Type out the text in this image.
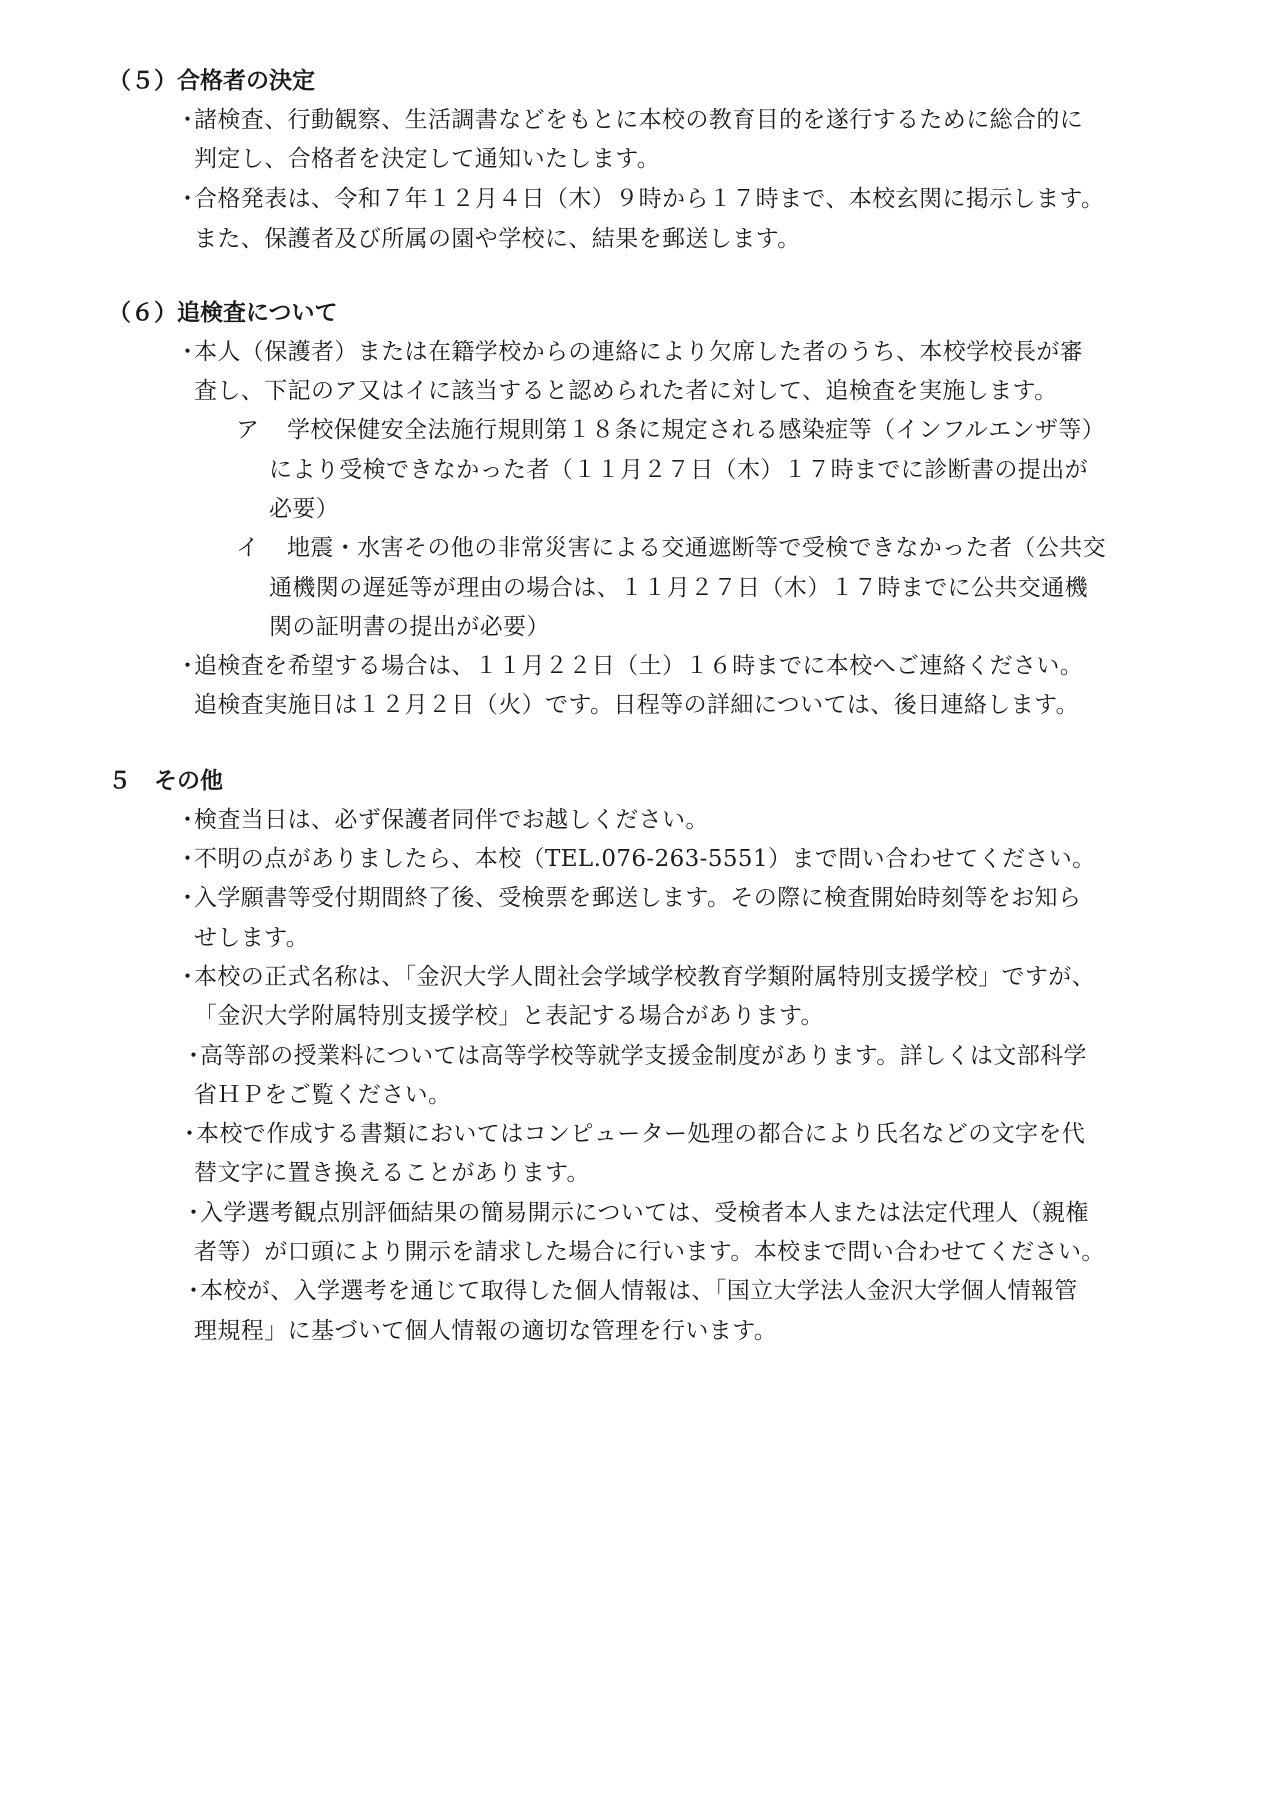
（５）合格者の決定
・諸検査、行動観察、生活調書などをもとに本校の教育目的を遂行するために総合的に
判定し、合格者を決定して通知いたします。
・合格発表は、令和７年１２月４日（木）９時から１７時まで、本校玄関に掲示します。
また、保護者及び所属の園や学校に、結果を郵送します。
（６）追検査について
・本人（保護者）または在籍学校からの連絡により欠席した者のうち、本校学校長が審
査し、下記のア又はイに該当すると認められた者に対して、追検査を実施します。
ア 学校保健安全法施行規則第１８条に規定される感染症等（インフルエンザ等）
により受検できなかった者（１１月２７日（木）１７時までに診断書の提出が
必要）
イ 地震・水害その他の非常災害による交通遮断等で受検できなかった者（公共交
通機関の遅延等が理由の場合は、１１月２７日（木）１７時までに公共交通機
関の証明書の提出が必要）
・追検査を希望する場合は、１１月２２日（土）１６時までに本校へご連絡ください。
追検査実施日は１２月２日（火）です。日程等の詳細については、後日連絡します。
５　その他
・検査当日は、必ず保護者同伴でお越しください。
・不明の点がありましたら、本校（TEL.076-263-5551）まで問い合わせてください。
・入学願書等受付期間終了後、受検票を郵送します。その際に検査開始時刻等をお知ら
せします。
・本校の正式名称は、「金沢大学人間社会学域学校教育学類附属特別支援学校」ですが、
「金沢大学附属特別支援学校」と表記する場合があります。
・高等部の授業料については高等学校等就学支援金制度があります。詳しくは文部科学
省ＨＰをご覧ください。
・本校で作成する書類においてはコンピューター処理の都合により氏名などの文字を代
替文字に置き換えることがあります。
・入学選考観点別評価結果の簡易開示については、受検者本人または法定代理人（親権
者等）が口頭により開示を請求した場合に行います。本校まで問い合わせてください。
・本校が、入学選考を通じて取得した個人情報は、「国立大学法人金沢大学個人情報管
理規程」に基づいて個人情報の適切な管理を行います。
